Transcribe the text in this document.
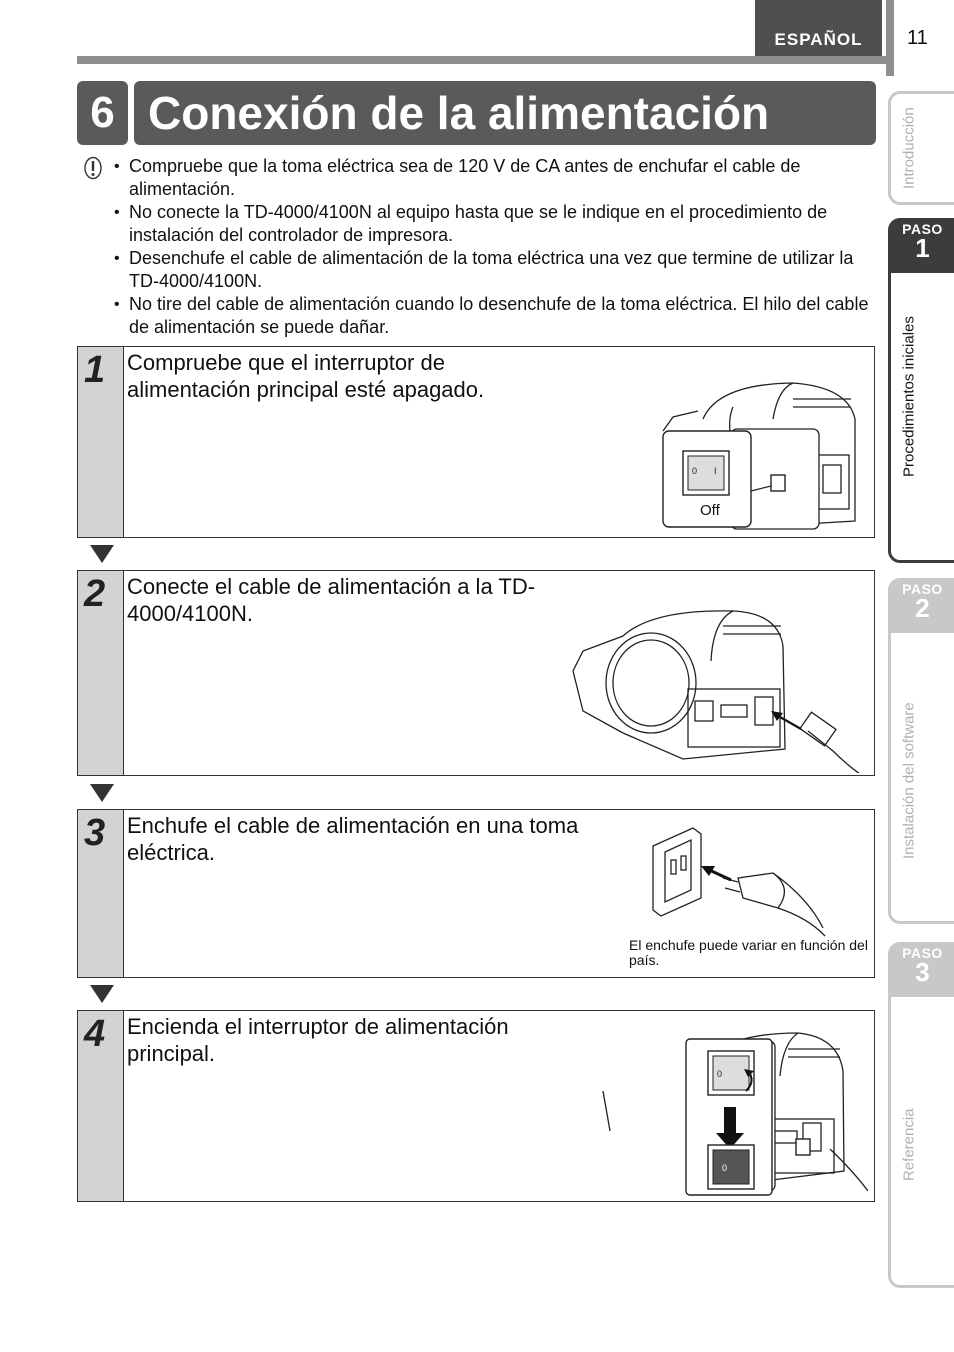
ESPAÑOL 11
6 Conexión de la alimentación
• Compruebe que la toma eléctrica sea de 120 V de CA antes de enchufar el cable de alimentación.
• No conecte la TD-4000/4100N al equipo hasta que se le indique en el procedimiento de instalación del controlador de impresora.
• Desenchufe el cable de alimentación de la toma eléctrica una vez que termine de utilizar la TD-4000/4100N.
• No tire del cable de alimentación cuando lo desenchufe de la toma eléctrica. El hilo del cable de alimentación se puede dañar.
1 Compruebe que el interruptor de alimentación principal esté apagado.
0 I
Off
2 Conecte el cable de alimentación a la TD-4000/4100N.
3 Enchufe el cable de alimentación en una toma eléctrica.
El enchufe puede variar en función del país.
4 Encienda el interruptor de alimentación principal.
0
0
Introducción
Procedimientos iniciales
PASO
1
Instalación del software
PASO
2
Referencia
PASO
3
